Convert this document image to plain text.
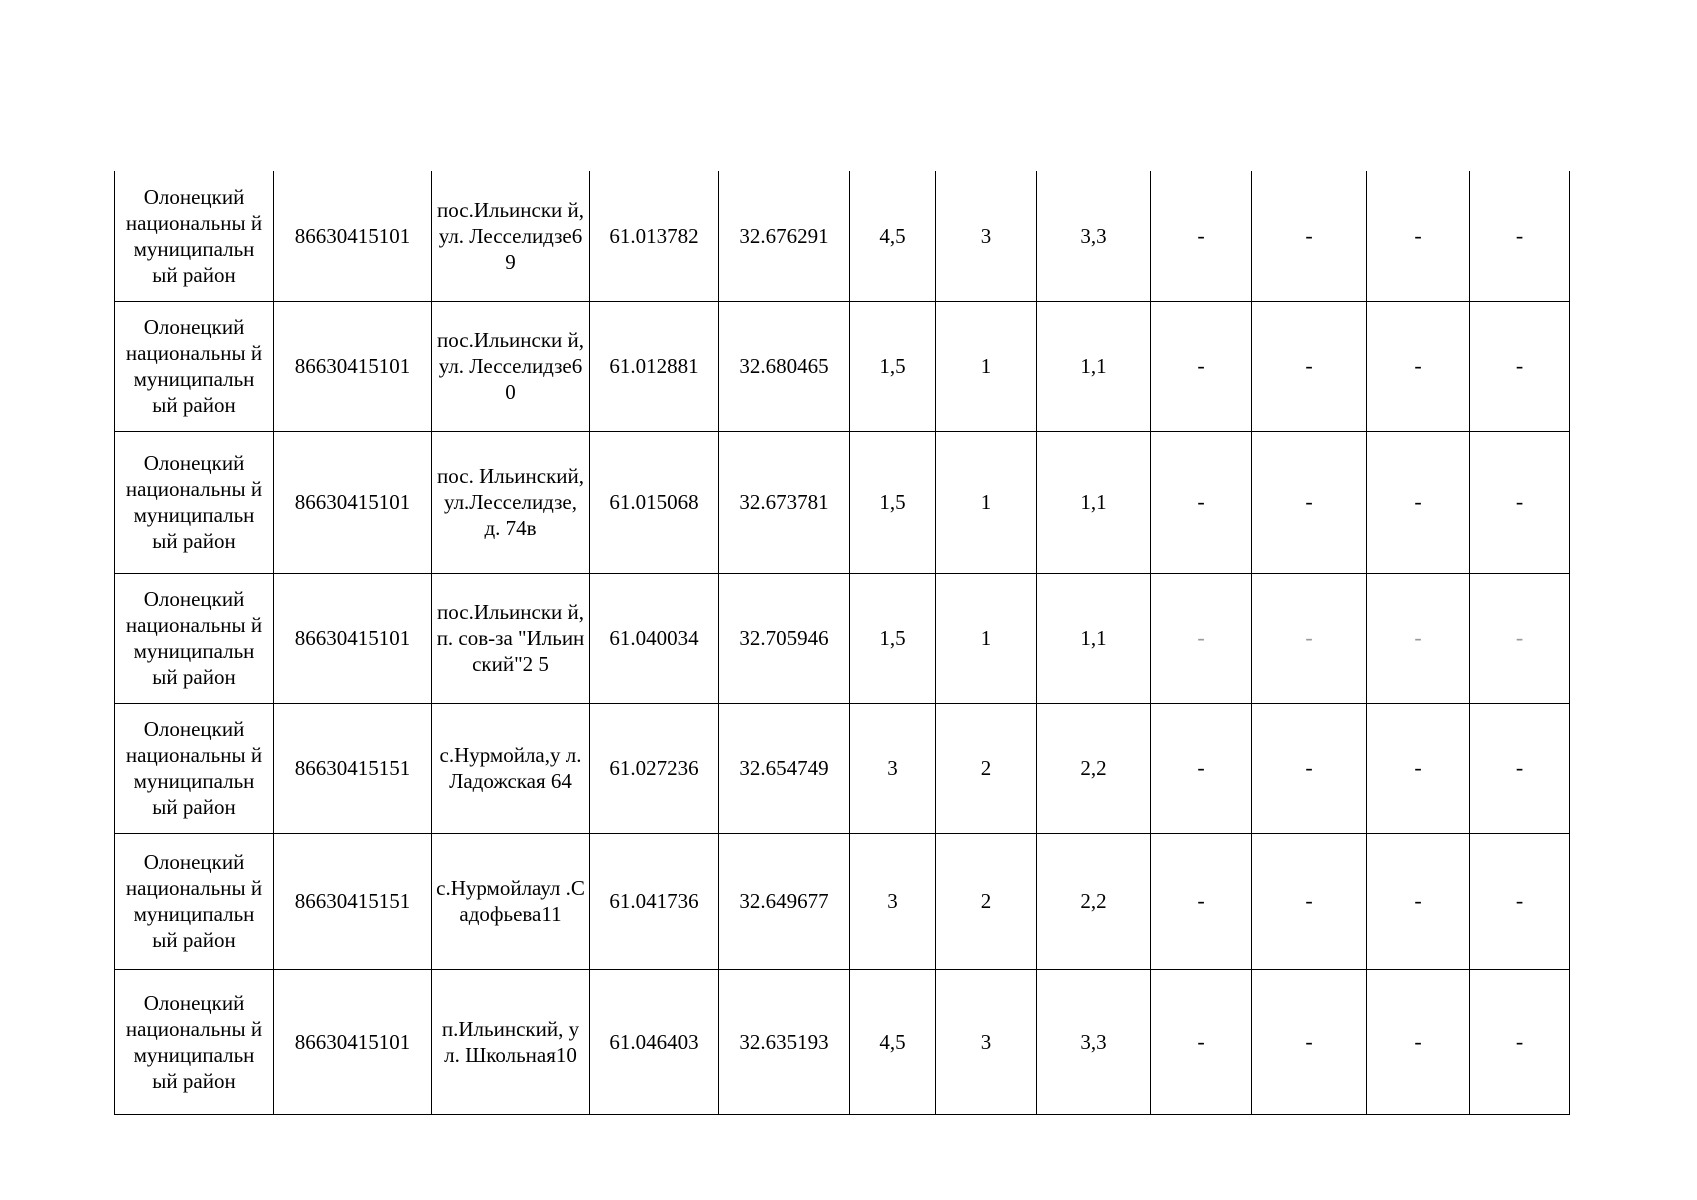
Олонецкий национальны й муниципальн ый район	86630415101	пос.Ильински й,ул. Лесселидзе69	61.013782	32.676291	4,5	3	3,3	-	-	-	-
Олонецкий национальны й муниципальн ый район	86630415101	пос.Ильински й,ул. Лесселидзе60	61.012881	32.680465	1,5	1	1,1	-	-	-	-
Олонецкий национальны й муниципальн ый район	86630415101	пос. Ильинский, ул.Лесселидзе, д. 74в	61.015068	32.673781	1,5	1	1,1	-	-	-	-
Олонецкий национальны й муниципальн ый район	86630415101	пос.Ильински й,п. сов-за "Ильинский"2 5	61.040034	32.705946	1,5	1	1,1	-	-	-	-
Олонецкий национальны й муниципальн ый район	86630415151	с.Нурмойла,у л. Ладожская 64	61.027236	32.654749	3	2	2,2	-	-	-	-
Олонецкий национальны й муниципальн ый район	86630415151	с.Нурмойлаул .Садофьева11	61.041736	32.649677	3	2	2,2	-	-	-	-
Олонецкий национальны й муниципальн ый район	86630415101	п.Ильинский, ул. Школьная10	61.046403	32.635193	4,5	3	3,3	-	-	-	-
